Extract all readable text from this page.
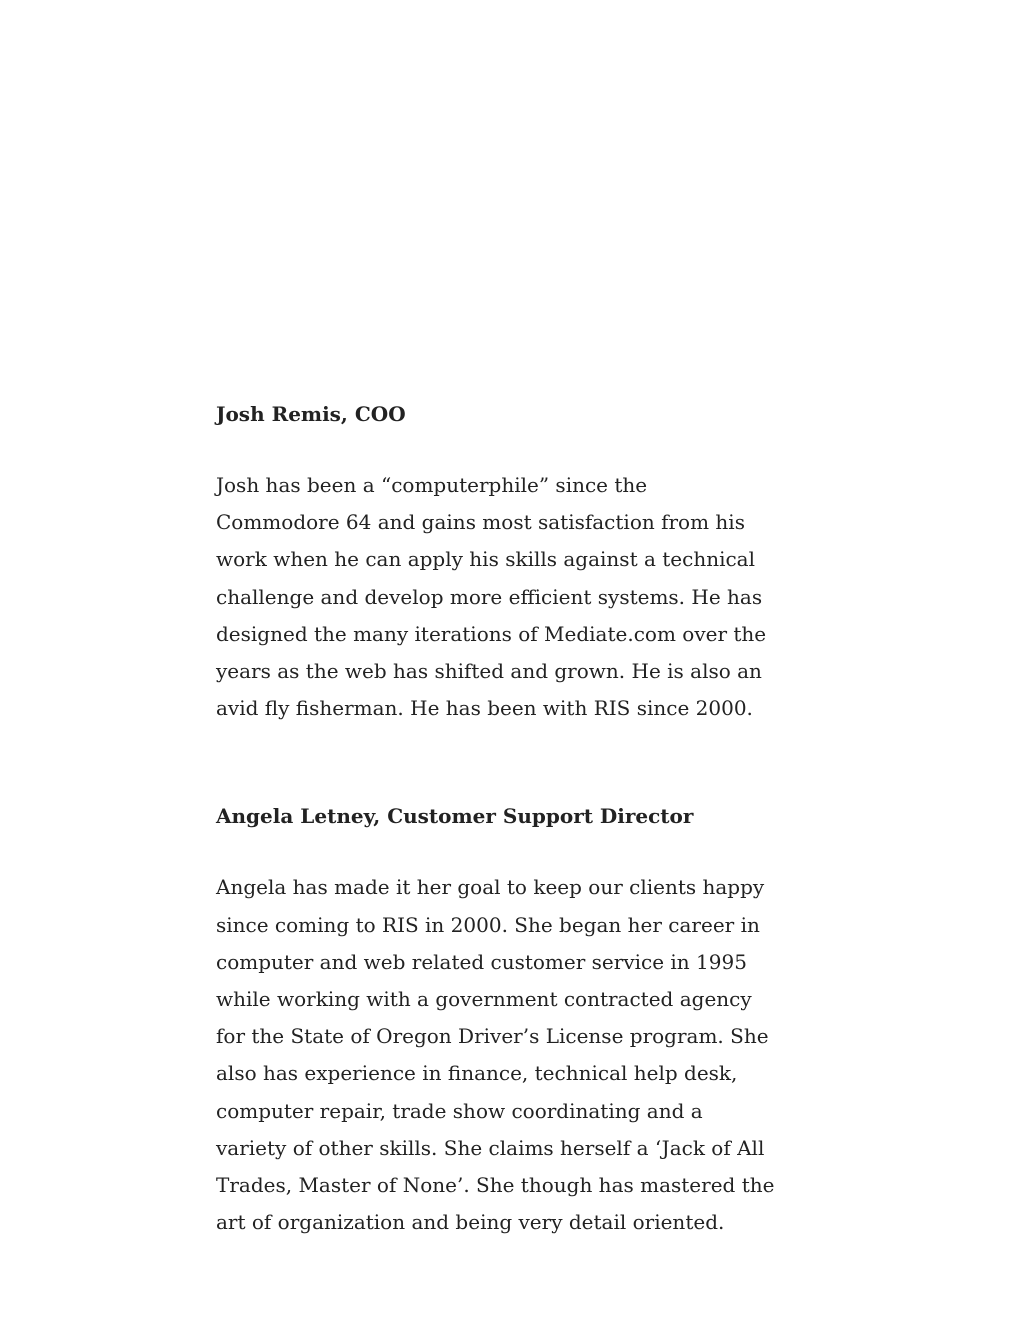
Josh Remis, COO

Josh has been a “computerphile” since the
Commodore 64 and gains most satisfaction from his
work when he can apply his skills against a technical
challenge and develop more efficient systems. He has
designed the many iterations of Mediate.com over the
years as the web has shifted and grown. He is also an
avid fly fisherman. He has been with RIS since 2000.

Angela Letney, Customer Support Director

Angela has made it her goal to keep our clients happy
since coming to RIS in 2000. She began her career in
computer and web related customer service in 1995
while working with a government contracted agency
for the State of Oregon Driver’s License program. She
also has experience in finance, technical help desk,
computer repair, trade show coordinating and a
variety of other skills. She claims herself a ‘Jack of All
Trades, Master of None’. She though has mastered the
art of organization and being very detail oriented.
